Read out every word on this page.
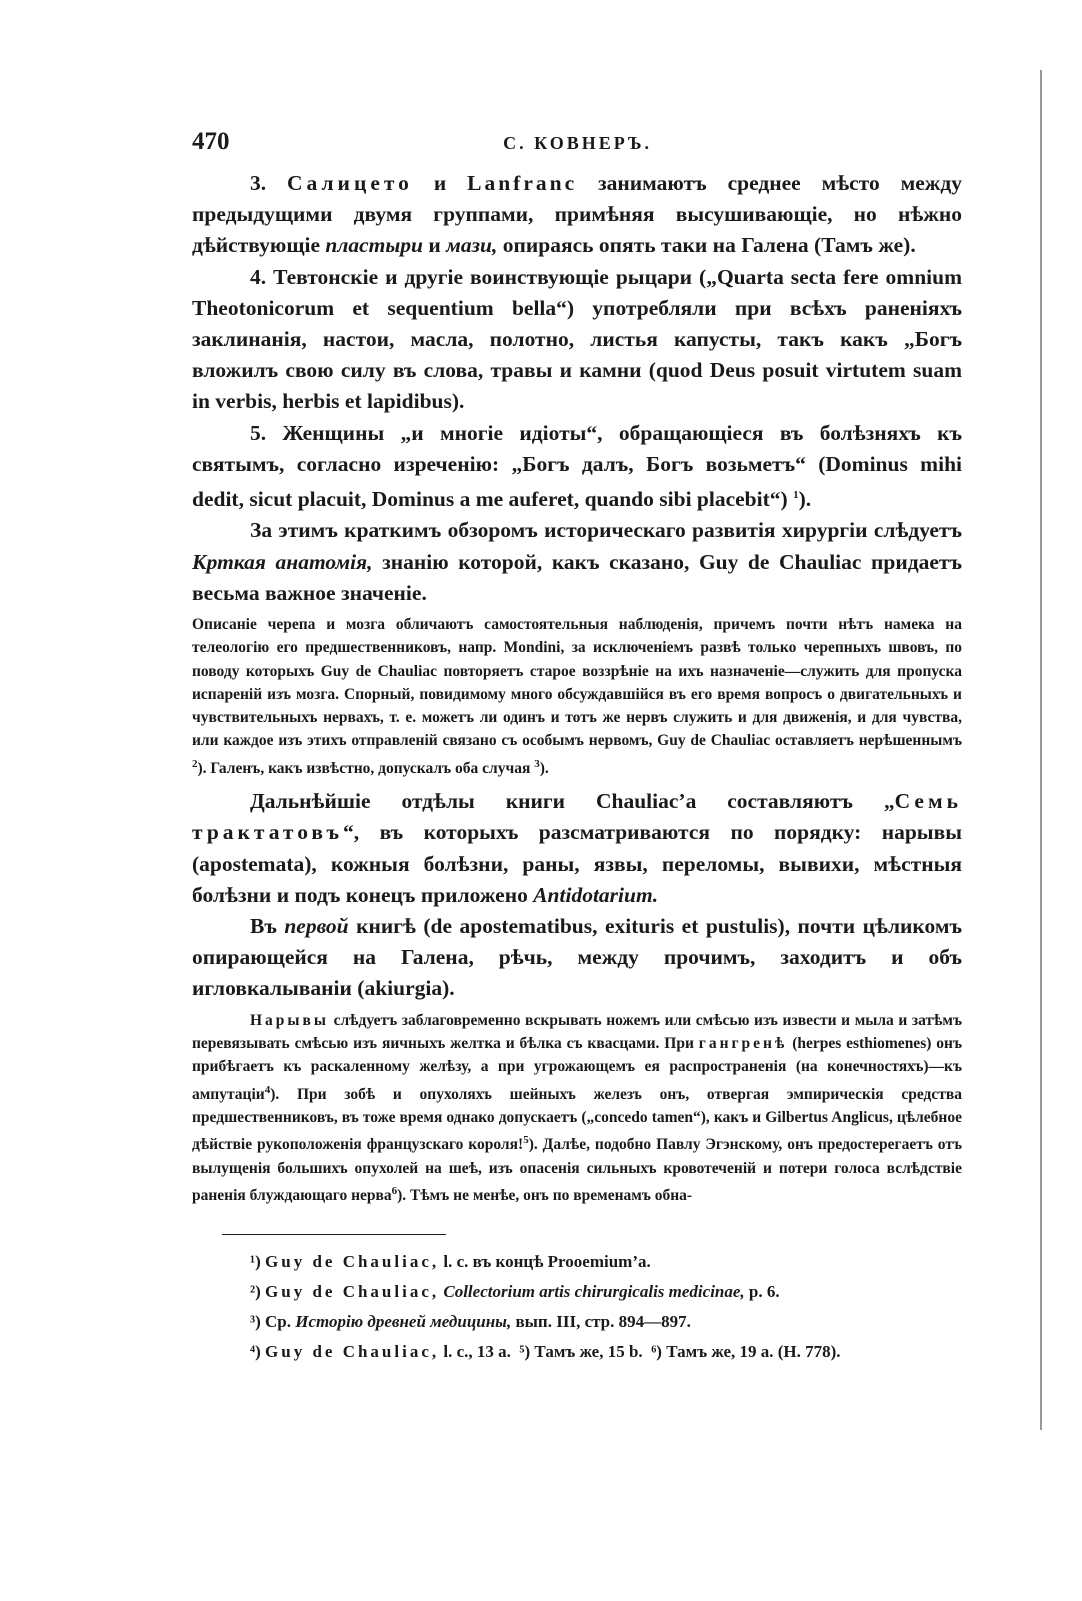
470	С. КОВНЕРЪ.

3. Салицето и Lanfranc занимаютъ среднее мѣсто между предыдущими двумя группами, примѣняя высушивающіе, но нѣжно дѣйствующіе пластыри и мази, опираясь опять таки на Галена (Тамъ же).

4. Тевтонскіе и другіе воинствующіе рыцари („Quarta secta fere omnium Theotonicorum et sequentium bella“) употребляли при всѣхъ раненіяхъ заклинанія, настои, масла, полотно, листья капусты, такъ какъ „Богъ вложилъ свою силу въ слова, травы и камни (quod Deus posuit virtutem suam in verbis, herbis et lapidibus).

5. Женщины „и многіе идіоты“, обращающіеся въ болѣзняхъ къ святымъ, согласно изреченію: „Богъ далъ, Богъ возьметъ“ (Dominus mihi dedit, sicut placuit, Dominus a me auferet, quando sibi placebit“) $^1$).

За этимъ краткимъ обзоромъ историческаго развитія хирургіи слѣдуетъ Крткая анатомія, знанію которой, какъ сказано, Guy de Chauliac придаетъ весьма важное значеніе.

Описаніе черепа и мозга обличаютъ самостоятельныя наблюденія, причемъ почти нѣтъ намека на телеологію его предшественниковъ, напр. Mondini, за исключеніемъ развѣ только черепныхъ швовъ, по поводу которыхъ Guy de Chauliac повторяетъ старое воззрѣніе на ихъ назначеніе—служить для пропуска испареній изъ мозга. Спорный, повидимому много обсуждавшійся въ его время вопросъ о двигательныхъ и чувствительныхъ нервахъ, т. е. можетъ ли одинъ и тотъ же нервъ служить и для движенія, и для чувства, или каждое изъ этихъ отправленій связано съ особымъ нервомъ, Guy de Chauliac оставляетъ нерѣшеннымъ $^2$). Галенъ, какъ извѣстно, допускалъ оба случая $^3$).

Дальнѣйшіе отдѣлы книги Chauliac’a составляютъ „Семь трактатовъ“, въ которыхъ разсматриваются по порядку: нарывы (apostemata), кожныя болѣзни, раны, язвы, переломы, вывихи, мѣстныя болѣзни и подъ конецъ приложено Antidotarium.

Въ первой книгѣ (de apostematibus, exituris et pustulis), почти цѣликомъ опирающейся на Галена, рѣчь, между прочимъ, заходитъ и объ игловкалываніи (akiurgia).

Нарывы слѣдуетъ заблаговременно вскрывать ножемъ или смѣсью изъ извести и мыла и затѣмъ перевязывать смѣсью изъ яичныхъ желтка и бѣлка съ квасцами. При гангренѣ (herpes esthiomenes) онъ прибѣгаетъ къ раскаленному желѣзу, а при угрожающемъ ея распространенія (на конечностяхъ)—къ ампутаціи$^4$). При зобѣ и опухоляхъ шейныхъ железъ онъ, отвергая эмпирическія средства предшественниковъ, въ тоже время однако допускаетъ („concedo tamen“), какъ и Gilbertus Anglicus, цѣлебное дѣйствіе рукоположенія французскаго короля!$^5$). Далѣе, подобно Павлу Эгэнскому, онъ предостерегаетъ отъ вылущенія большихъ опухолей на шеѣ, изъ опасенія сильныхъ кровотеченій и потери голоса вслѣдствіе раненія блуждающаго нерва$^6$). Тѣмъ не менѣе, онъ по временамъ обна-

¹) Guy de Chauliac, l. c. въ концѣ Prooemium’a.
²) Guy de Chauliac, Collectorium artis chirurgicalis medicinae, p. 6.
³) Ср. Исторію древней медицины, вып. III, стр. 894—897.
⁴) Guy de Chauliac, l. c., 13 a. ⁵) Тамъ же, 15 b. ⁶) Тамъ же, 19 a. (H. 778).
